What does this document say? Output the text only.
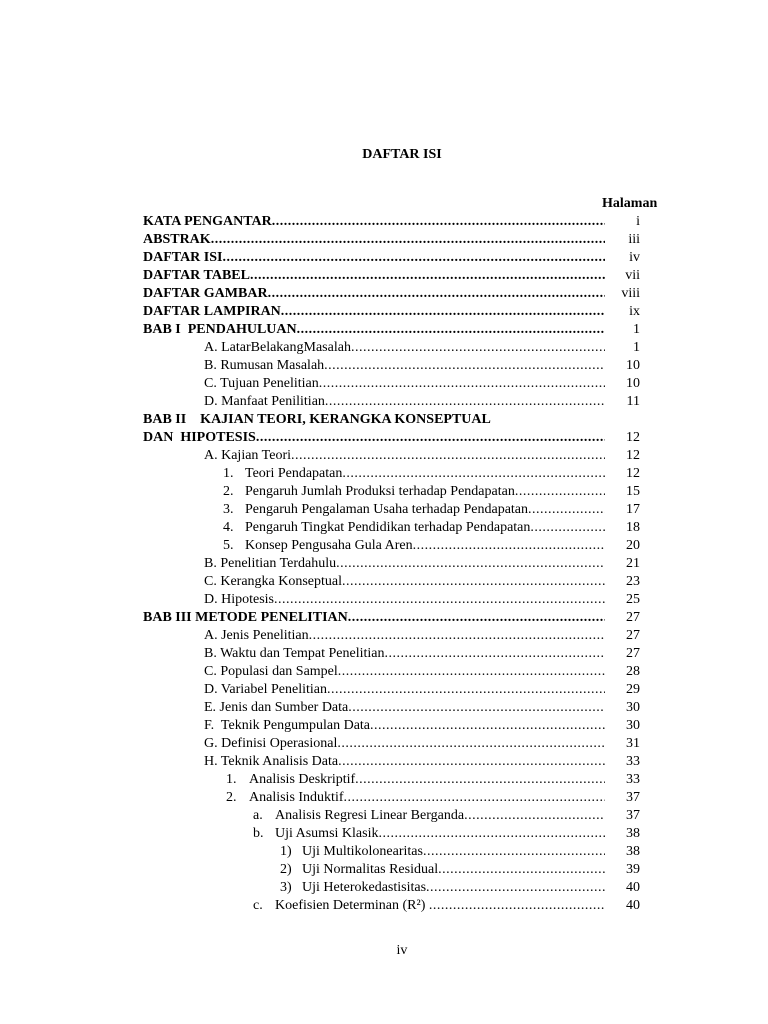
DAFTAR ISI
Halaman
KATA PENGANTAR .....	i
ABSTRAK .....	iii
DAFTAR ISI .....	iv
DAFTAR TABEL .....	vii
DAFTAR GAMBAR .....	viii
DAFTAR LAMPIRAN .....	ix
BAB I  PENDAHULUAN .....	1
A. LatarBelakangMasalah .....	1
B. Rumusan Masalah .....	10
C. Tujuan Penelitian .....	10
D. Manfaat Penilitian .....	11
BAB II    KAJIAN TEORI, KERANGKA KONSEPTUAL
DAN  HIPOTESIS .....	12
A. Kajian Teori .....	12
1. Teori Pendapatan .....	12
2. Pengaruh Jumlah Produksi terhadap Pendapatan .....	15
3. Pengaruh Pengalaman Usaha terhadap Pendapatan .....	17
4. Pengaruh Tingkat Pendidikan terhadap Pendapatan .....	18
5. Konsep Pengusaha Gula Aren .....	20
B. Penelitian Terdahulu .....	21
C. Kerangka Konseptual .....	23
D. Hipotesis .....	25
BAB III METODE PENELITIAN .....	27
A. Jenis Penelitian .....	27
B. Waktu dan Tempat Penelitian .....	27
C. Populasi dan Sampel .....	28
D. Variabel Penelitian .....	29
E. Jenis dan Sumber Data .....	30
F.  Teknik Pengumpulan Data .....	30
G. Definisi Operasional .....	31
H. Teknik Analisis Data .....	33
1. Analisis Deskriptif .....	33
2. Analisis Induktif .....	37
a. Analisis Regresi Linear Berganda .....	37
b. Uji Asumsi Klasik .....	38
1) Uji Multikolonearitas .....	38
2) Uji Normalitas Residual .....	39
3) Uji Heterokedastisitas .....	40
c. Koefisien Determinan (R²) .....	40
iv
